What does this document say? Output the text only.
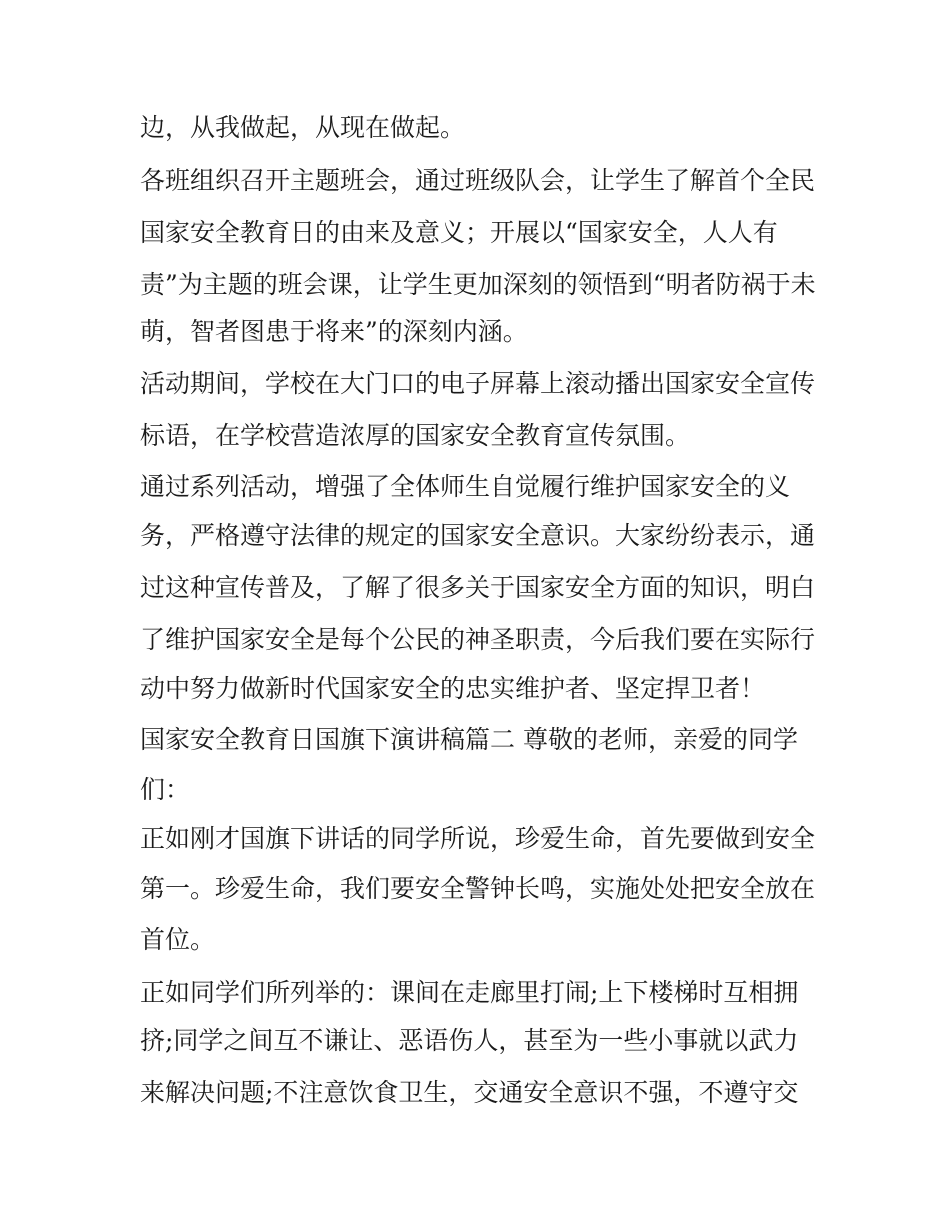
边，从我做起，从现在做起。
各班组织召开主题班会，通过班级队会，让学生了解首个全民
国家安全教育日的由来及意义；开展以“国家安全，人人有
责”为主题的班会课，让学生更加深刻的领悟到“明者防祸于未
萌，智者图患于将来”的深刻内涵。
活动期间，学校在大门口的电子屏幕上滚动播出国家安全宣传
标语，在学校营造浓厚的国家安全教育宣传氛围。
通过系列活动，增强了全体师生自觉履行维护国家安全的义
务，严格遵守法律的规定的国家安全意识。大家纷纷表示，通
过这种宣传普及，了解了很多关于国家安全方面的知识，明白
了维护国家安全是每个公民的神圣职责，今后我们要在实际行
动中努力做新时代国家安全的忠实维护者、坚定捍卫者！
国家安全教育日国旗下演讲稿篇二 尊敬的老师，亲爱的同学
们：
正如刚才国旗下讲话的同学所说，珍爱生命，首先要做到安全
第一。珍爱生命，我们要安全警钟长鸣，实施处处把安全放在
首位。
正如同学们所列举的：课间在走廊里打闹;上下楼梯时互相拥
挤;同学之间互不谦让、恶语伤人，甚至为一些小事就以武力
来解决问题;不注意饮食卫生，交通安全意识不强，不遵守交
